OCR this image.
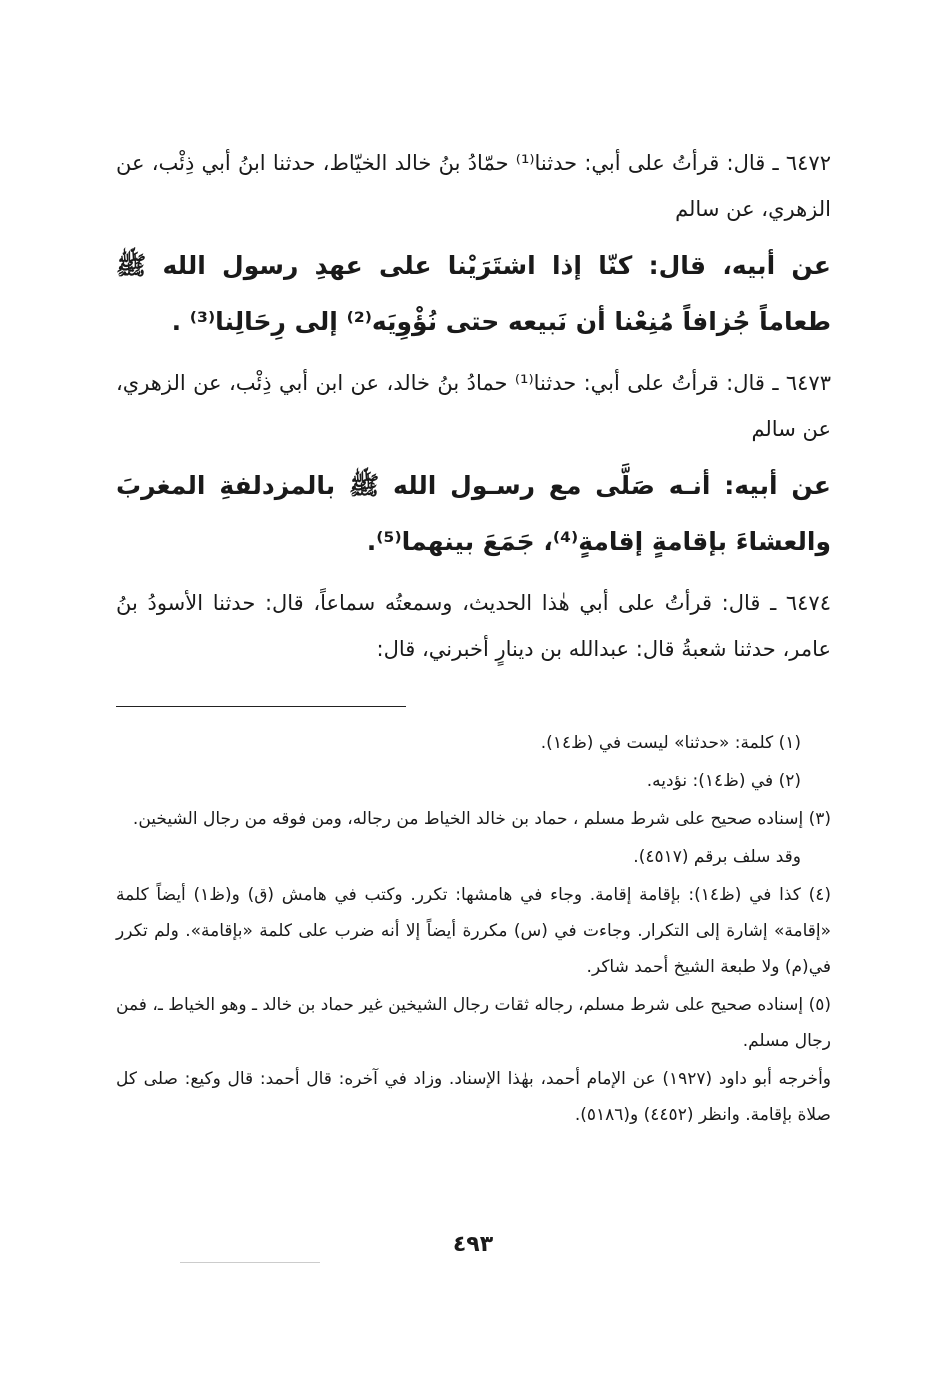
٦٤٧٢ ـ قال: قرأتُ على أبي: حدثنا⁽¹⁾ حمّادُ بنُ خالد الخيّاط، حدثنا ابنُ أبي ذِئْب، عن الزهري، عن سالم

عن أبيه، قال: كنّا إذا اشتَرَيْنا على عهدِ رسول الله ﷺ طعاماً جُزافاً مُنِعْنا أن نَبيعه حتى نُؤْوِيَه⁽²⁾ إلى رِحَالِنا⁽³⁾ .

٦٤٧٣ ـ قال: قرأتُ على أبي: حدثنا⁽¹⁾ حمادُ بنُ خالد، عن ابن أبي ذِئْب، عن الزهري، عن سالم

عن أبيه: أنـه صَلَّى مع رسـول الله ﷺ بالمزدلفةِ المغربَ والعشاءَ بإقامةٍ إقامةٍ⁽⁴⁾، جَمَعَ بينهما⁽⁵⁾.

٦٤٧٤ ـ قال: قرأتُ على أبي هٰذا الحديث، وسمعتُه سماعاً، قال: حدثنا الأسودُ بنُ عامر، حدثنا شعبةُ قال: عبدالله بن دينارٍ أخبرني، قال:

(١) كلمة: «حدثنا» ليست في (ظ١٤).

(٢) في (ظ١٤): نؤديه.

(٣) إسناده صحيح على شرط مسلم ، حماد بن خالد الخياط من رجاله، ومن فوقه من رجال الشيخين.

وقد سلف برقم (٤٥١٧).

(٤) كذا في (ظ١٤): بإقامة إقامة. وجاء في هامشها: تكرر. وكتب في هامش (ق) و(ظ١) أيضاً كلمة «إقامة» إشارة إلى التكرار. وجاءت في (س) مكررة أيضاً إلا أنه ضرب على كلمة «بإقامة». ولم تكرر في(م) ولا طبعة الشيخ أحمد شاكر.

(٥) إسناده صحيح على شرط مسلم، رجاله ثقات رجال الشيخين غير حماد بن خالد ـ وهو الخياط ـ، فمن رجال مسلم.

وأخرجه أبو داود (١٩٢٧) عن الإمام أحمد، بهٰذا الإسناد. وزاد في آخره: قال أحمد: قال وكيع: صلى كل صلاة بإقامة. وانظر (٤٤٥٢) و(٥١٨٦).

٤٩٣
